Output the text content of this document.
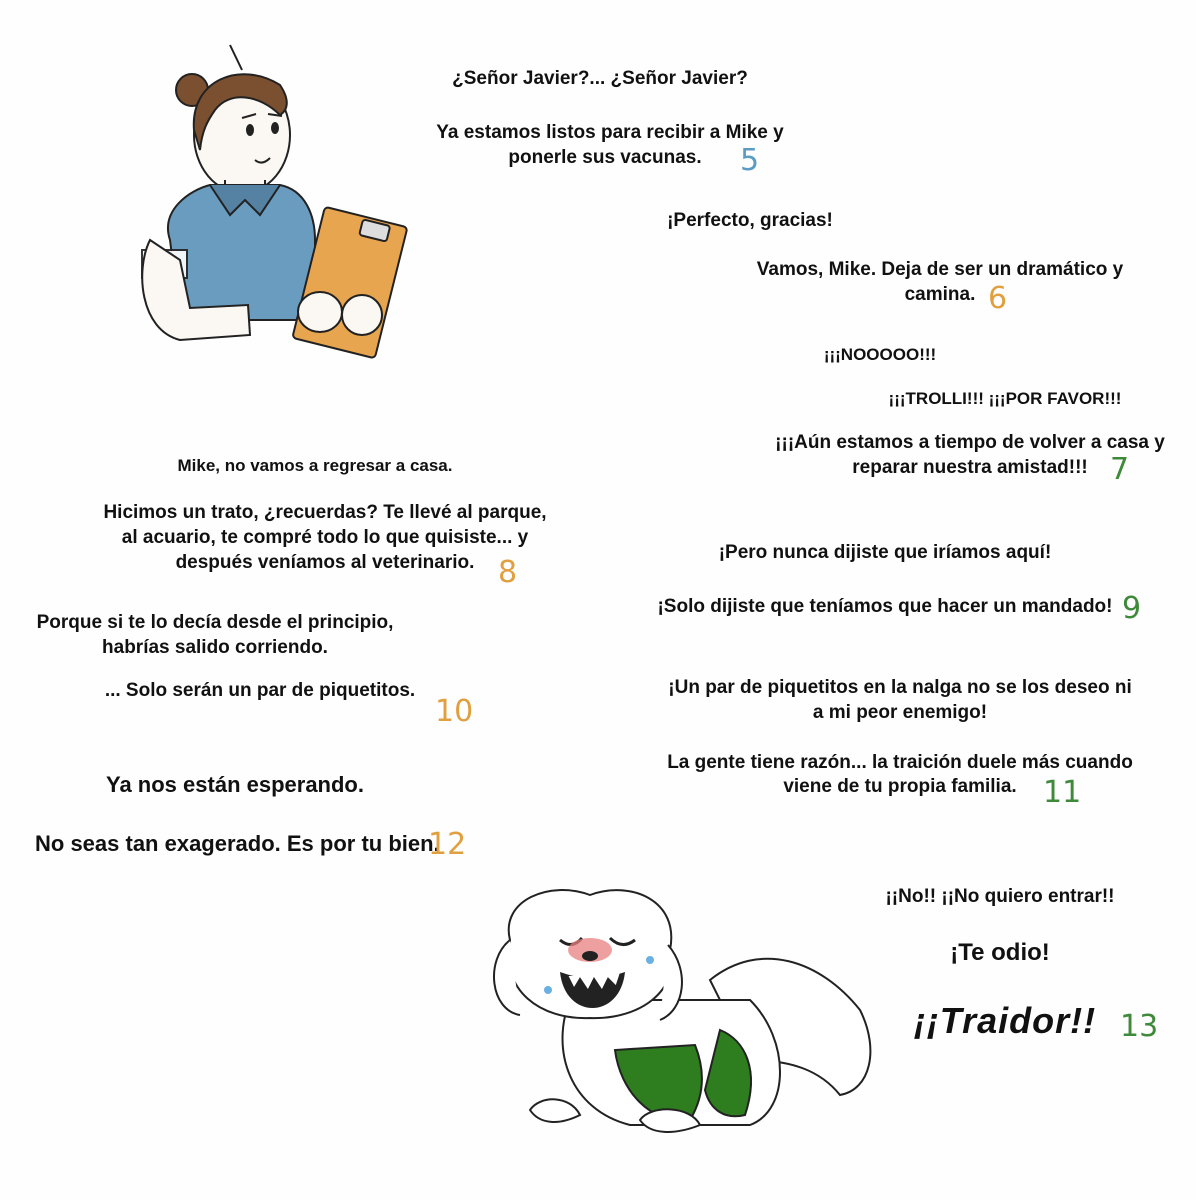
¿Señor Javier?... ¿Señor Javier?
Ya estamos listos para recibir a Mike y
ponerle sus vacunas.	5
¡Perfecto, gracias!
Vamos, Mike. Deja de ser un dramático y
camina. 6
¡¡¡NOOOOO!!!
¡¡¡TROLLI!!! ¡¡¡POR FAVOR!!!
¡¡¡Aún estamos a tiempo de volver a casa y
reparar nuestra amistad!!! 7
Mike, no vamos a regresar a casa.
Hicimos un trato, ¿recuerdas? Te llevé al parque,
al acuario, te compré todo lo que quisiste... y
después veníamos al veterinario. 8
¡Pero nunca dijiste que iríamos aquí!
¡Solo dijiste que teníamos que hacer un mandado! 9
Porque si te lo decía desde el principio,
habrías salido corriendo.
... Solo serán un par de piquetitos.
10
¡Un par de piquetitos en la nalga no se los deseo ni
a mi peor enemigo!
La gente tiene razón... la traición duele más cuando
viene de tu propia familia. 11
Ya nos están esperando.
No seas tan exagerado. Es por tu bien.
12
¡¡No!! ¡¡No quiero entrar!!
¡Te odio!
¡¡Traidor!! 13
